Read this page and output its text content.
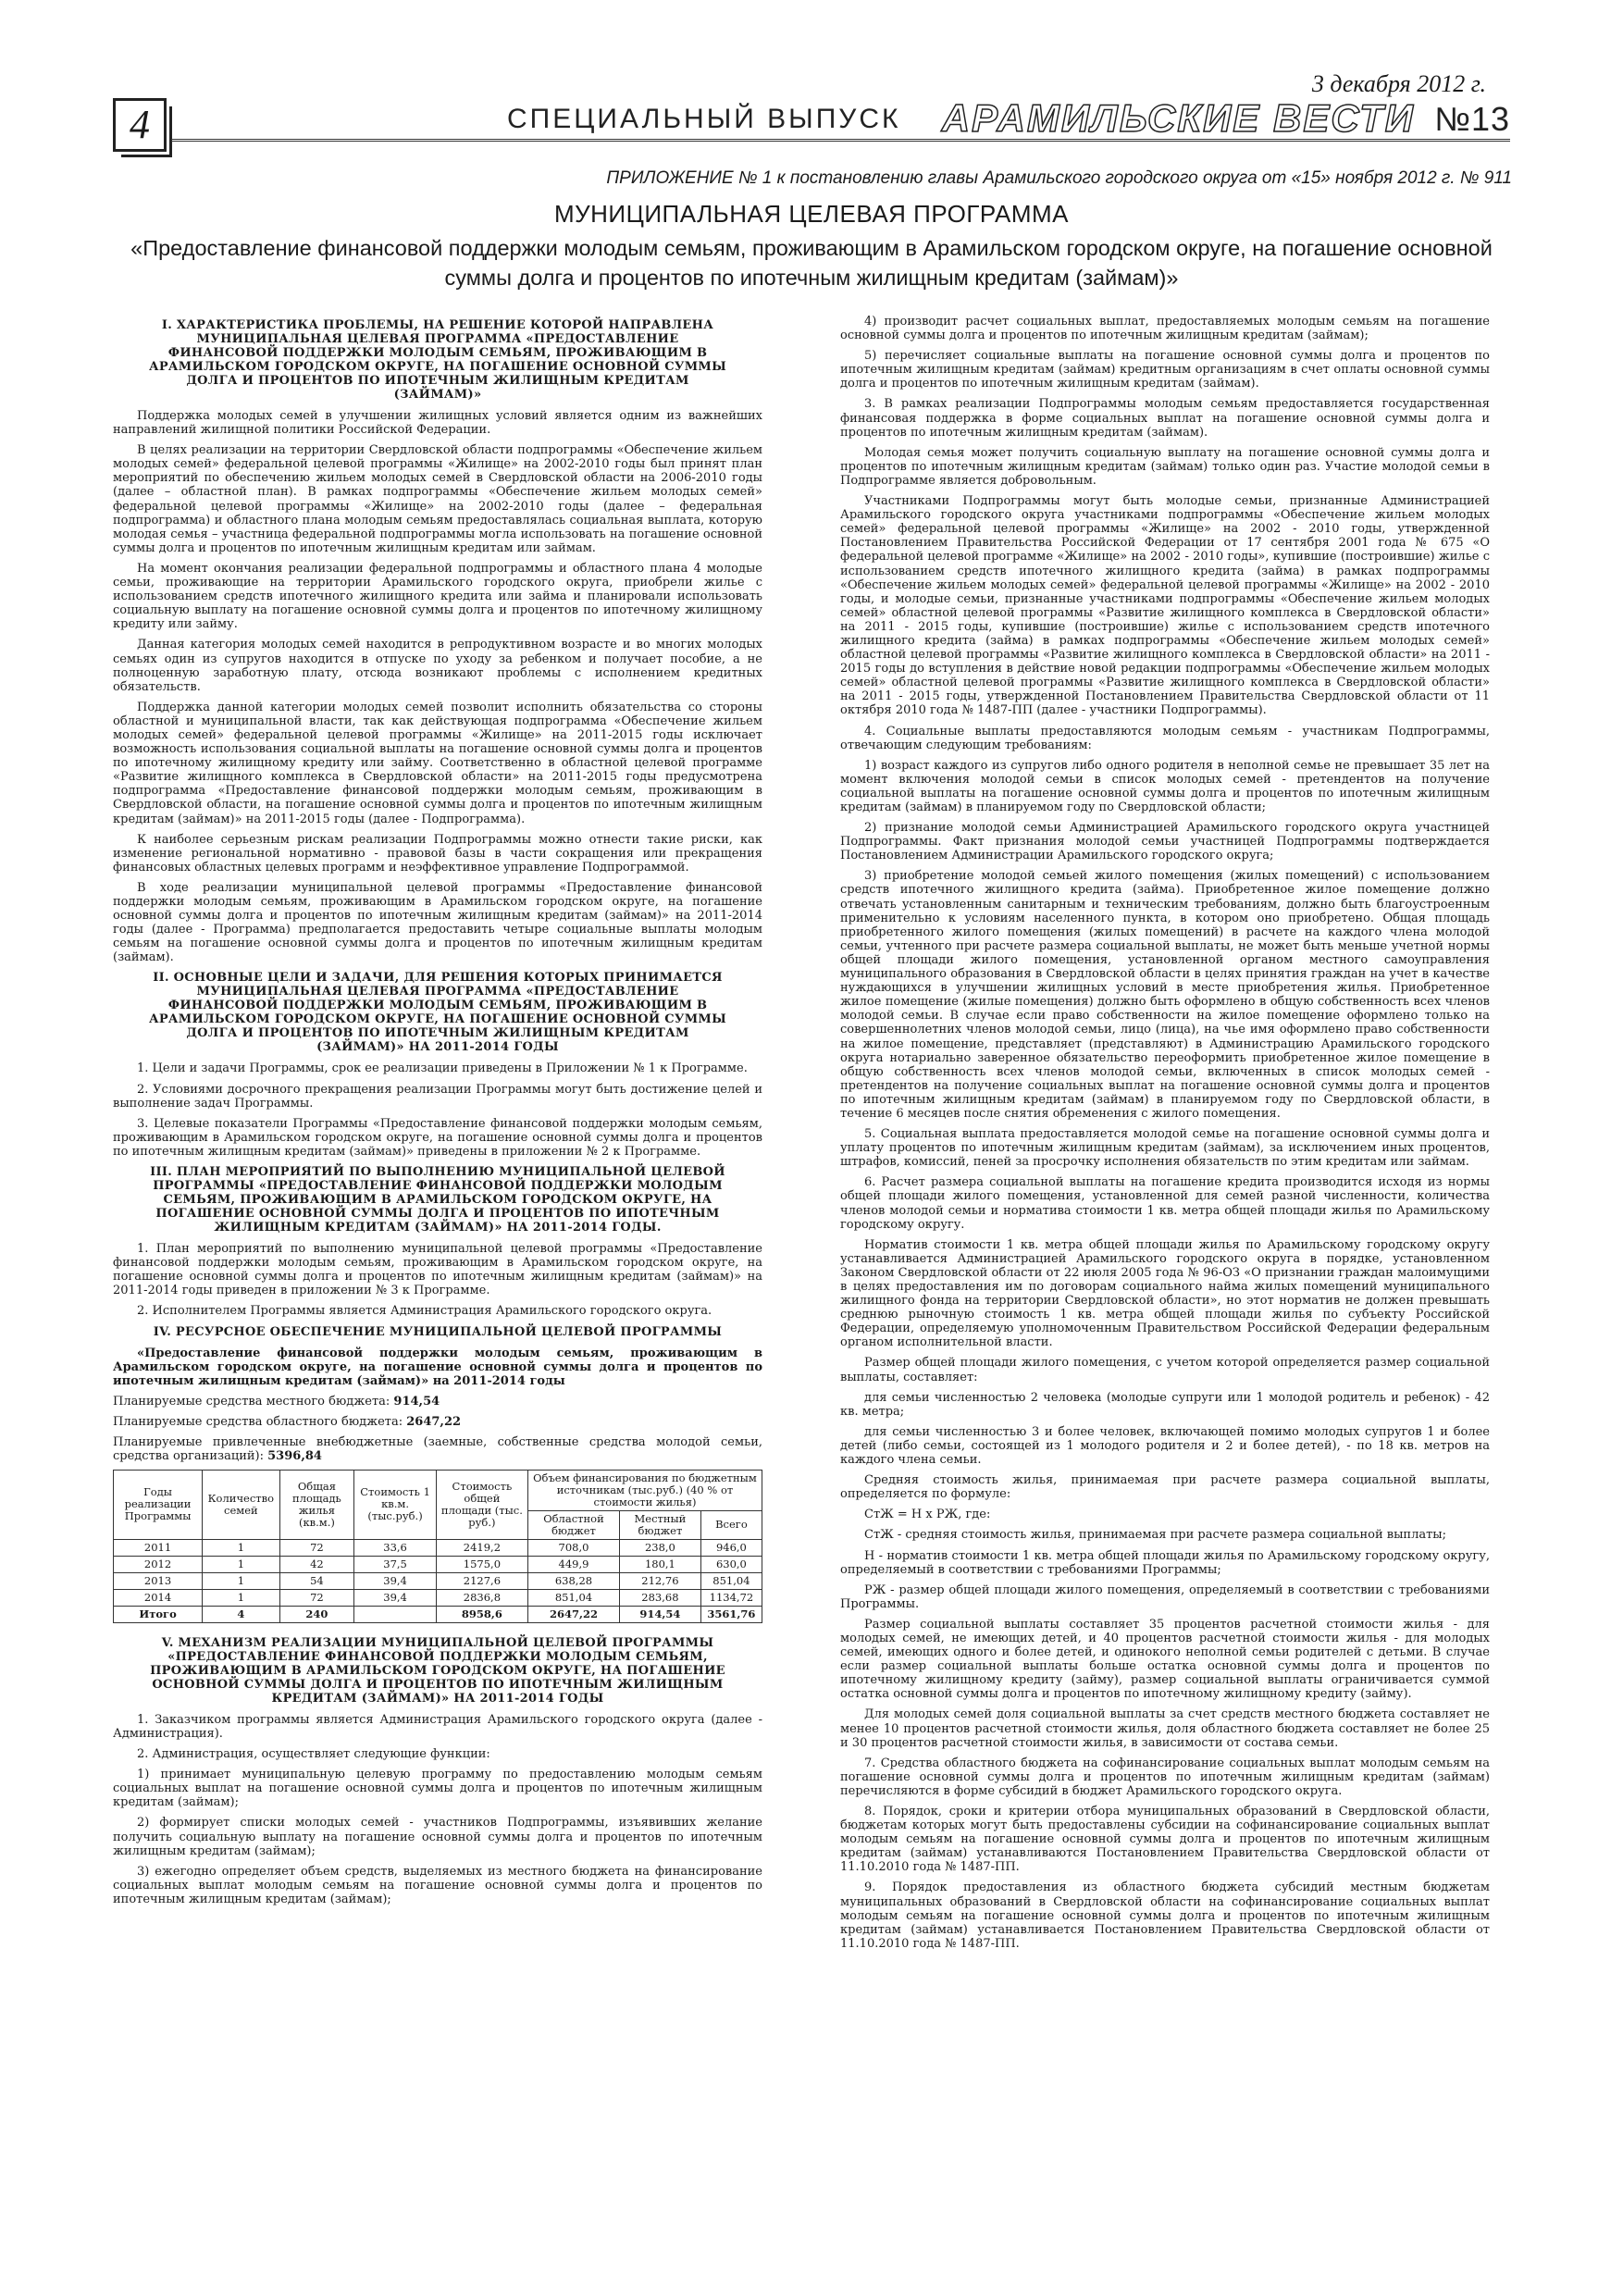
4	СПЕЦИАЛЬНЫЙ ВЫПУСК
3 декабря 2012 г.
АРАМИЛЬСКИЕ ВЕСТИ №13
ПРИЛОЖЕНИЕ № 1 к постановлению главы Арамильского городского округа от «15» ноября 2012 г. № 911
МУНИЦИПАЛЬНАЯ ЦЕЛЕВАЯ ПРОГРАММА
«Предоставление финансовой поддержки молодым семьям, проживающим в Арамильском городском округе, на погашение основной суммы долга и процентов по ипотечным жилищным кредитам (займам)»
I. ХАРАКТЕРИСТИКА ПРОБЛЕМЫ, НА РЕШЕНИЕ КОТОРОЙ НАПРАВЛЕНА МУНИЦИПАЛЬНАЯ ЦЕЛЕВАЯ ПРОГРАММА «ПРЕДОСТАВЛЕНИЕ ФИНАНСОВОЙ ПОДДЕРЖКИ МОЛОДЫМ СЕМЬЯМ, ПРОЖИВАЮЩИМ В АРАМИЛЬСКОМ ГОРОДСКОМ ОКРУГЕ, НА ПОГАШЕНИЕ ОСНОВНОЙ СУММЫ ДОЛГА И ПРОЦЕНТОВ ПО ИПОТЕЧНЫМ ЖИЛИЩНЫМ КРЕДИТАМ (ЗАЙМАМ)»

Поддержка молодых семей в улучшении жилищных условий является одним из важнейших направлений жилищной политики Российской Федерации.

В целях реализации на территории Свердловской области подпрограммы «Обеспечение жильем молодых семей» федеральной целевой программы «Жилище» на 2002-2010 годы был принят план мероприятий по обеспечению жильем молодых семей в Свердловской области на 2006-2010 годы (далее – областной план). В рамках подпрограммы «Обеспечение жильем молодых семей» федеральной целевой программы «Жилище» на 2002-2010 годы (далее – федеральная подпрограмма) и областного плана молодым семьям предоставлялась социальная выплата, которую молодая семья – участница федеральной подпрограммы могла использовать на погашение основной суммы долга и процентов по ипотечным жилищным кредитам или займам.

На момент окончания реализации федеральной подпрограммы и областного плана 4 молодые семьи, проживающие на территории Арамильского городского округа, приобрели жилье с использованием средств ипотечного жилищного кредита или займа и планировали использовать социальную выплату на погашение основной суммы долга и процентов по ипотечному жилищному кредиту или займу.

Данная категория молодых семей находится в репродуктивном возрасте и во многих молодых семьях один из супругов находится в отпуске по уходу за ребенком и получает пособие, а не полноценную заработную плату, отсюда возникают проблемы с исполнением кредитных обязательств.

Поддержка данной категории молодых семей позволит исполнить обязательства со стороны областной и муниципальной власти, так как действующая подпрограмма «Обеспечение жильем молодых семей» федеральной целевой программы «Жилище» на 2011-2015 годы исключает возможность использования социальной выплаты на погашение основной суммы долга и процентов по ипотечному жилищному кредиту или займу. Соответственно в областной целевой программе «Развитие жилищного комплекса в Свердловской области» на 2011-2015 годы предусмотрена подпрограмма «Предоставление финансовой поддержки молодым семьям, проживающим в Свердловской области, на погашение основной суммы долга и процентов по ипотечным жилищным кредитам (займам)» на 2011-2015 годы (далее - Подпрограмма).

К наиболее серьезным рискам реализации Подпрограммы можно отнести такие риски, как изменение региональной нормативно - правовой базы в части сокращения или прекращения финансовых областных целевых программ и неэффективное управление Подпрограммой.

В ходе реализации муниципальной целевой программы «Предоставление финансовой поддержки молодым семьям, проживающим в Арамильском городском округе, на погашение основной суммы долга и процентов по ипотечным жилищным кредитам (займам)» на 2011-2014 годы (далее - Программа) предполагается предоставить четыре социальные выплаты молодым семьям на погашение основной суммы долга и процентов по ипотечным жилищным кредитам (займам).

II. ОСНОВНЫЕ ЦЕЛИ И ЗАДАЧИ, ДЛЯ РЕШЕНИЯ КОТОРЫХ ПРИНИМАЕТСЯ МУНИЦИПАЛЬНАЯ ЦЕЛЕВАЯ ПРОГРАММА «ПРЕДОСТАВЛЕНИЕ ФИНАНСОВОЙ ПОДДЕРЖКИ МОЛОДЫМ СЕМЬЯМ, ПРОЖИВАЮЩИМ В АРАМИЛЬСКОМ ГОРОДСКОМ ОКРУГЕ, НА ПОГАШЕНИЕ ОСНОВНОЙ СУММЫ ДОЛГА И ПРОЦЕНТОВ ПО ИПОТЕЧНЫМ ЖИЛИЩНЫМ КРЕДИТАМ (ЗАЙМАМ)» НА 2011-2014 ГОДЫ

1. Цели и задачи Программы, срок ее реализации приведены в Приложении № 1 к Программе.

2. Условиями досрочного прекращения реализации Программы могут быть достижение целей и выполнение задач Программы.

3. Целевые показатели Программы «Предоставление финансовой поддержки молодым семьям, проживающим в Арамильском городском округе, на погашение основной суммы долга и процентов по ипотечным жилищным кредитам (займам)» приведены в приложении № 2 к Программе.

III. ПЛАН МЕРОПРИЯТИЙ ПО ВЫПОЛНЕНИЮ МУНИЦИПАЛЬНОЙ ЦЕЛЕВОЙ ПРОГРАММЫ «ПРЕДОСТАВЛЕНИЕ ФИНАНСОВОЙ ПОДДЕРЖКИ МОЛОДЫМ СЕМЬЯМ, ПРОЖИВАЮЩИМ В АРАМИЛЬСКОМ ГОРОДСКОМ ОКРУГЕ, НА ПОГАШЕНИЕ ОСНОВНОЙ СУММЫ ДОЛГА И ПРОЦЕНТОВ ПО ИПОТЕЧНЫМ ЖИЛИЩНЫМ КРЕДИТАМ (ЗАЙМАМ)» НА 2011-2014 ГОДЫ.

1. План мероприятий по выполнению муниципальной целевой программы «Предоставление финансовой поддержки молодым семьям, проживающим в Арамильском городском округе, на погашение основной суммы долга и процентов по ипотечным жилищным кредитам (займам)» на 2011-2014 годы приведен в приложении № 3 к Программе.

2. Исполнителем Программы является Администрация Арамильского городского округа.

IV. РЕСУРСНОЕ ОБЕСПЕЧЕНИЕ МУНИЦИПАЛЬНОЙ ЦЕЛЕВОЙ ПРОГРАММЫ
«Предоставление финансовой поддержки молодым семьям, проживающим в Арамильском городском округе, на погашение основной суммы долга и процентов по ипотечным жилищным кредитам (займам)» на 2011-2014 годы

Планируемые средства местного бюджета: 914,54

Планируемые средства областного бюджета: 2647,22

Планируемые привлеченные внебюджетные (заемные, собственные средства молодой семьи, средства организаций): 5396,84

Годы реализации Программы	Количество семей	Общая площадь жилья (кв.м.)	Стоимость 1 кв.м. (тыс.руб.)	Стоимость общей площади (тыс. руб.)	Объем финансирования по бюджетным источникам (тыс.руб.) (40 % от стоимости жилья)		
					Областной бюджет	Местный бюджет	Всего
2011	1	72	33,6	2419,2	708,0	238,0	946,0
2012	1	42	37,5	1575,0	449,9	180,1	630,0
2013	1	54	39,4	2127,6	638,28	212,76	851,04
2014	1	72	39,4	2836,8	851,04	283,68	1134,72
Итого	4	240		8958,6	2647,22	914,54	3561,76
V. МЕХАНИЗМ РЕАЛИЗАЦИИ МУНИЦИПАЛЬНОЙ ЦЕЛЕВОЙ ПРОГРАММЫ «ПРЕДОСТАВЛЕНИЕ ФИНАНСОВОЙ ПОДДЕРЖКИ МОЛОДЫМ СЕМЬЯМ, ПРОЖИВАЮЩИМ В АРАМИЛЬСКОМ ГОРОДСКОМ ОКРУГЕ, НА ПОГАШЕНИЕ ОСНОВНОЙ СУММЫ ДОЛГА И ПРОЦЕНТОВ ПО ИПОТЕЧНЫМ ЖИЛИЩНЫМ КРЕДИТАМ (ЗАЙМАМ)» НА 2011-2014 ГОДЫ

1. Заказчиком программы является Администрация Арамильского городского округа (далее - Администрация).

2. Администрация, осуществляет следующие функции:

1) принимает муниципальную целевую программу по предоставлению молодым семьям социальных выплат на погашение основной суммы долга и процентов по ипотечным жилищным кредитам (займам);

2) формирует списки молодых семей - участников Подпрограммы, изъявивших желание получить социальную выплату на погашение основной суммы долга и процентов по ипотечным жилищным кредитам (займам);

3) ежегодно определяет объем средств, выделяемых из местного бюджета на финансирование социальных выплат молодым семьям на погашение основной суммы долга и процентов по ипотечным жилищным кредитам (займам);

4) производит расчет социальных выплат, предоставляемых молодым семьям на погашение основной суммы долга и процентов по ипотечным жилищным кредитам (займам);

5) перечисляет социальные выплаты на погашение основной суммы долга и процентов по ипотечным жилищным кредитам (займам) кредитным организациям в счет оплаты основной суммы долга и процентов по ипотечным жилищным кредитам (займам).

3. В рамках реализации Подпрограммы молодым семьям предоставляется государственная финансовая поддержка в форме социальных выплат на погашение основной суммы долга и процентов по ипотечным жилищным кредитам (займам).

Молодая семья может получить социальную выплату на погашение основной суммы долга и процентов по ипотечным жилищным кредитам (займам) только один раз. Участие молодой семьи в Подпрограмме является добровольным.

Участниками Подпрограммы могут быть молодые семьи, признанные Администрацией Арамильского городского округа участниками подпрограммы «Обеспечение жильем молодых семей» федеральной целевой программы «Жилище» на 2002 - 2010 годы, утвержденной Постановлением Правительства Российской Федерации от 17 сентября 2001 года № 675 «О федеральной целевой программе «Жилище» на 2002 - 2010 годы», купившие (построившие) жилье с использованием средств ипотечного жилищного кредита (займа) в рамках подпрограммы «Обеспечение жильем молодых семей» федеральной целевой программы «Жилище» на 2002 - 2010 годы, и молодые семьи, признанные участниками подпрограммы «Обеспечение жильем молодых семей» областной целевой программы «Развитие жилищного комплекса в Свердловской области» на 2011 - 2015 годы, купившие (построившие) жилье с использованием средств ипотечного жилищного кредита (займа) в рамках подпрограммы «Обеспечение жильем молодых семей» областной целевой программы «Развитие жилищного комплекса в Свердловской области» на 2011 - 2015 годы до вступления в действие новой редакции подпрограммы «Обеспечение жильем молодых семей» областной целевой программы «Развитие жилищного комплекса в Свердловской области» на 2011 - 2015 годы, утвержденной Постановлением Правительства Свердловской области от 11 октября 2010 года № 1487-ПП (далее - участники Подпрограммы).

4. Социальные выплаты предоставляются молодым семьям - участникам Подпрограммы, отвечающим следующим требованиям:

1) возраст каждого из супругов либо одного родителя в неполной семье не превышает 35 лет на момент включения молодой семьи в список молодых семей - претендентов на получение социальной выплаты на погашение основной суммы долга и процентов по ипотечным жилищным кредитам (займам) в планируемом году по Свердловской области;

2) признание молодой семьи Администрацией Арамильского городского округа участницей Подпрограммы. Факт признания молодой семьи участницей Подпрограммы подтверждается Постановлением Администрации Арамильского городского округа;

3) приобретение молодой семьей жилого помещения (жилых помещений) с использованием средств ипотечного жилищного кредита (займа). Приобретенное жилое помещение должно отвечать установленным санитарным и техническим требованиям, должно быть благоустроенным применительно к условиям населенного пункта, в котором оно приобретено. Общая площадь приобретенного жилого помещения (жилых помещений) в расчете на каждого члена молодой семьи, учтенного при расчете размера социальной выплаты, не может быть меньше учетной нормы общей площади жилого помещения, установленной органом местного самоуправления муниципального образования в Свердловской области в целях принятия граждан на учет в качестве нуждающихся в улучшении жилищных условий в месте приобретения жилья. Приобретенное жилое помещение (жилые помещения) должно быть оформлено в общую собственность всех членов молодой семьи. В случае если право собственности на жилое помещение оформлено только на совершеннолетних членов молодой семьи, лицо (лица), на чье имя оформлено право собственности на жилое помещение, представляет (представляют) в Администрацию Арамильского городского округа нотариально заверенное обязательство переоформить приобретенное жилое помещение в общую собственность всех членов молодой семьи, включенных в список молодых семей - претендентов на получение социальных выплат на погашение основной суммы долга и процентов по ипотечным жилищным кредитам (займам) в планируемом году по Свердловской области, в течение 6 месяцев после снятия обременения с жилого помещения.

5. Социальная выплата предоставляется молодой семье на погашение основной суммы долга и уплату процентов по ипотечным жилищным кредитам (займам), за исключением иных процентов, штрафов, комиссий, пеней за просрочку исполнения обязательств по этим кредитам или займам.

6. Расчет размера социальной выплаты на погашение кредита производится исходя из нормы общей площади жилого помещения, установленной для семей разной численности, количества членов молодой семьи и норматива стоимости 1 кв. метра общей площади жилья по Арамильскому городскому округу.

Норматив стоимости 1 кв. метра общей площади жилья по Арамильскому городскому округу устанавливается Администрацией Арамильского городского округа в порядке, установленном Законом Свердловской области от 22 июля 2005 года № 96-ОЗ «О признании граждан малоимущими в целях предоставления им по договорам социального найма жилых помещений муниципального жилищного фонда на территории Свердловской области», но этот норматив не должен превышать среднюю рыночную стоимость 1 кв. метра общей площади жилья по субъекту Российской Федерации, определяемую уполномоченным Правительством Российской Федерации федеральным органом исполнительной власти.

Размер общей площади жилого помещения, с учетом которой определяется размер социальной выплаты, составляет:

для семьи численностью 2 человека (молодые супруги или 1 молодой родитель и ребенок) - 42 кв. метра;

для семьи численностью 3 и более человек, включающей помимо молодых супругов 1 и более детей (либо семьи, состоящей из 1 молодого родителя и 2 и более детей), - по 18 кв. метров на каждого члена семьи.

Средняя стоимость жилья, принимаемая при расчете размера социальной выплаты, определяется по формуле:

СтЖ = Н х РЖ, где:

СтЖ - средняя стоимость жилья, принимаемая при расчете размера социальной выплаты;

Н - норматив стоимости 1 кв. метра общей площади жилья по Арамильскому городскому округу, определяемый в соответствии с требованиями Программы;

РЖ - размер общей площади жилого помещения, определяемый в соответствии с требованиями Программы.

Размер социальной выплаты составляет 35 процентов расчетной стоимости жилья - для молодых семей, не имеющих детей, и 40 процентов расчетной стоимости жилья - для молодых семей, имеющих одного и более детей, и одинокого неполной семьи родителей с детьми. В случае если размер социальной выплаты больше остатка основной суммы долга и процентов по ипотечному жилищному кредиту (займу), размер социальной выплаты ограничивается суммой остатка основной суммы долга и процентов по ипотечному жилищному кредиту (займу).

Для молодых семей доля социальной выплаты за счет средств местного бюджета составляет не менее 10 процентов расчетной стоимости жилья, доля областного бюджета составляет не более 25 и 30 процентов расчетной стоимости жилья, в зависимости от состава семьи.

7. Средства областного бюджета на софинансирование социальных выплат молодым семьям на погашение основной суммы долга и процентов по ипотечным жилищным кредитам (займам) перечисляются в форме субсидий в бюджет Арамильского городского округа.

8. Порядок, сроки и критерии отбора муниципальных образований в Свердловской области, бюджетам которых могут быть предоставлены субсидии на софинансирование социальных выплат молодым семьям на погашение основной суммы долга и процентов по ипотечным жилищным кредитам (займам) устанавливаются Постановлением Правительства Свердловской области от 11.10.2010 года № 1487-ПП.

9. Порядок предоставления из областного бюджета субсидий местным бюджетам муниципальных образований в Свердловской области на софинансирование социальных выплат молодым семьям на погашение основной суммы долга и процентов по ипотечным жилищным кредитам (займам) устанавливается Постановлением Правительства Свердловской области от 11.10.2010 года № 1487-ПП.
